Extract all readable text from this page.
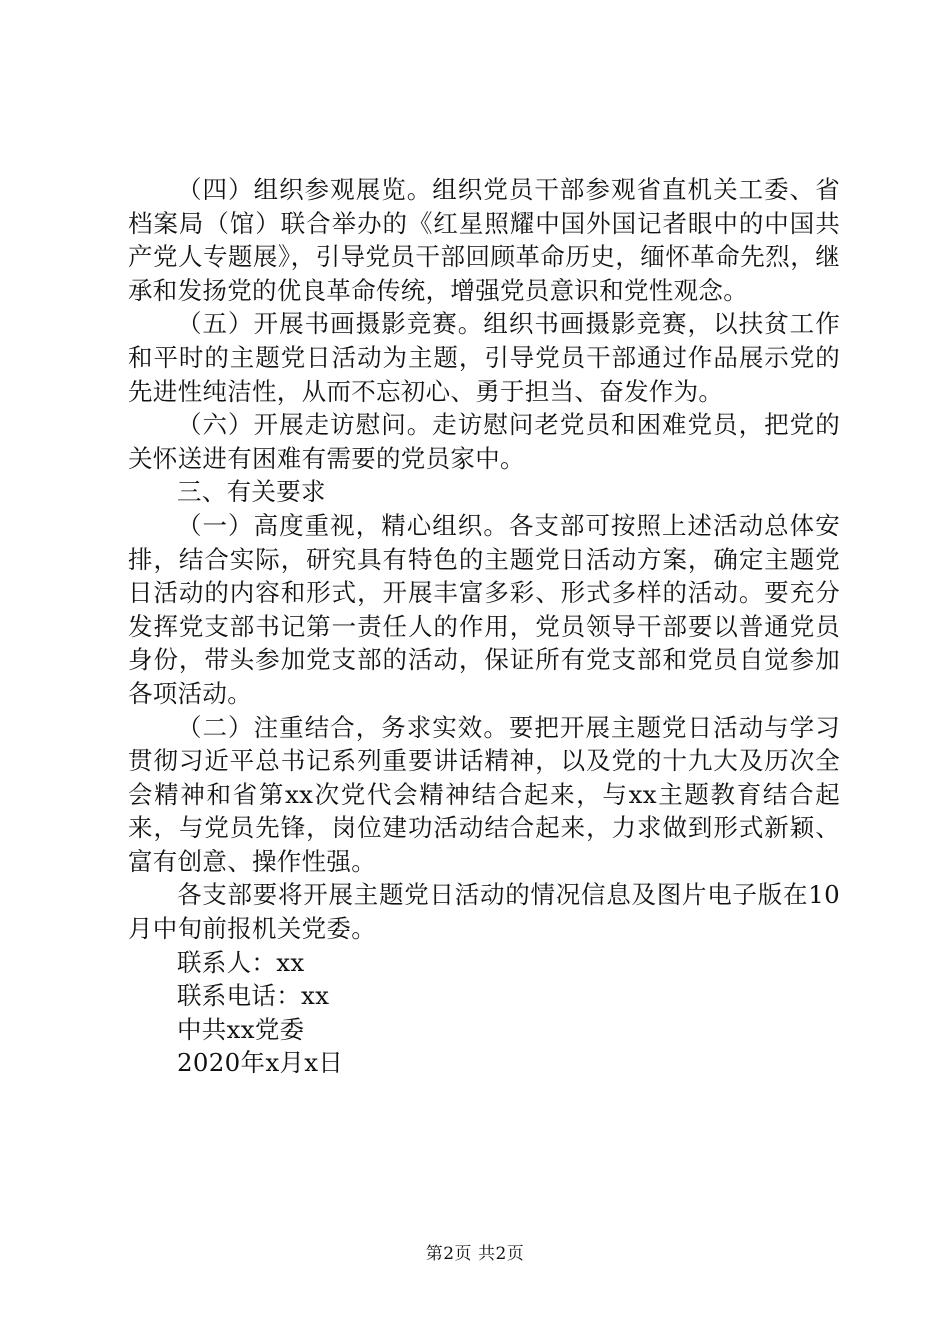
（四）组织参观展览。组织党员干部参观省直机关工委、省档案局（馆）联合举办的《红星照耀中国外国记者眼中的中国共产党人专题展》，引导党员干部回顾革命历史，缅怀革命先烈，继承和发扬党的优良革命传统，增强党员意识和党性观念。

（五）开展书画摄影竞赛。组织书画摄影竞赛，以扶贫工作和平时的主题党日活动为主题，引导党员干部通过作品展示党的先进性纯洁性，从而不忘初心、勇于担当、奋发作为。

（六）开展走访慰问。走访慰问老党员和困难党员，把党的关怀送进有困难有需要的党员家中。

三、有关要求

（一）高度重视，精心组织。各支部可按照上述活动总体安排，结合实际，研究具有特色的主题党日活动方案，确定主题党日活动的内容和形式，开展丰富多彩、形式多样的活动。要充分发挥党支部书记第一责任人的作用，党员领导干部要以普通党员身份，带头参加党支部的活动，保证所有党支部和党员自觉参加各项活动。

（二）注重结合，务求实效。要把开展主题党日活动与学习贯彻习近平总书记系列重要讲话精神，以及党的十九大及历次全会精神和省第xx次党代会精神结合起来，与xx主题教育结合起来，与党员先锋，岗位建功活动结合起来，力求做到形式新颖、富有创意、操作性强。

各支部要将开展主题党日活动的情况信息及图片电子版在10月中旬前报机关党委。

联系人：xx

联系电话：xx

中共xx党委

2020年x月x日

第2页 共2页
